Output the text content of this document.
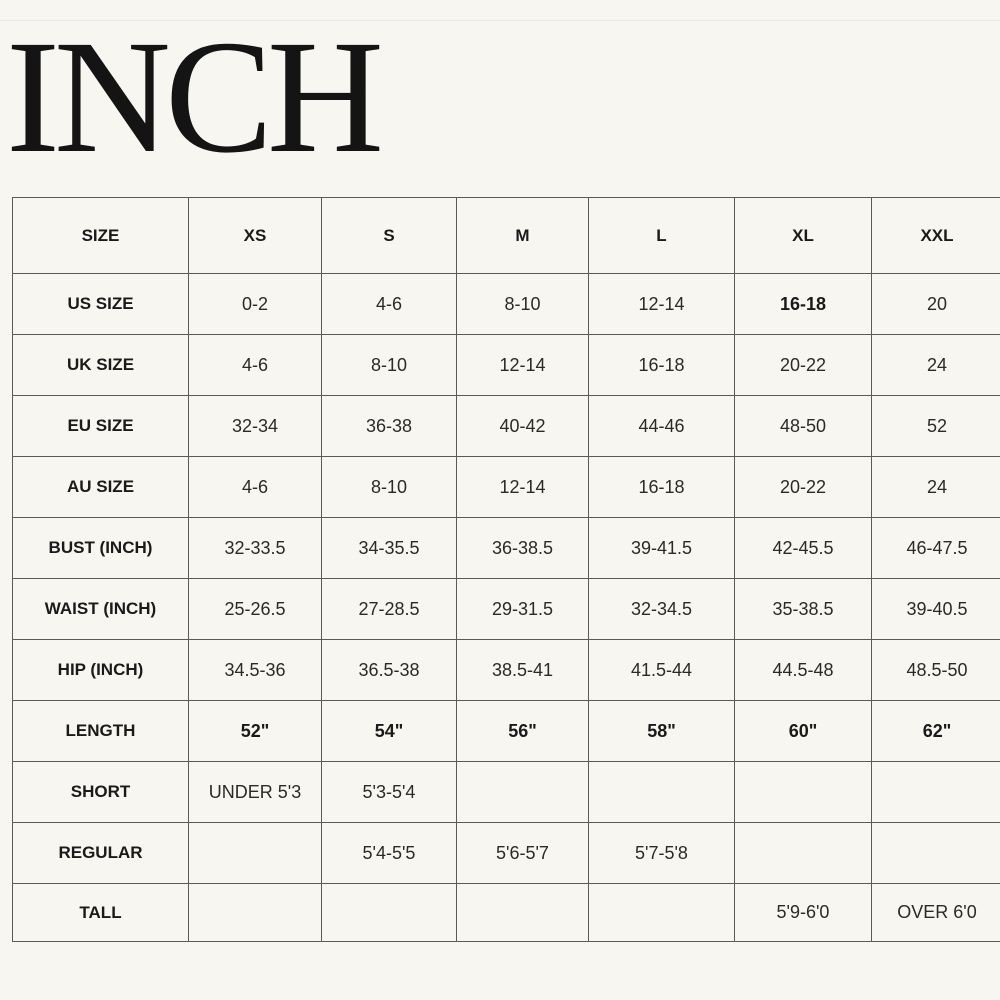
INCH
SIZE	XS	S	M	L	XL	XXL
US SIZE	0-2	4-6	8-10	12-14	16-18	20
UK SIZE	4-6	8-10	12-14	16-18	20-22	24
EU SIZE	32-34	36-38	40-42	44-46	48-50	52
AU SIZE	4-6	8-10	12-14	16-18	20-22	24
BUST (INCH)	32-33.5	34-35.5	36-38.5	39-41.5	42-45.5	46-47.5
WAIST (INCH)	25-26.5	27-28.5	29-31.5	32-34.5	35-38.5	39-40.5
HIP (INCH)	34.5-36	36.5-38	38.5-41	41.5-44	44.5-48	48.5-50
LENGTH	52"	54"	56"	58"	60"	62"
SHORT	UNDER 5'3	5'3-5'4				
REGULAR		5'4-5'5	5'6-5'7	5'7-5'8		
TALL					5'9-6'0	OVER 6'0
